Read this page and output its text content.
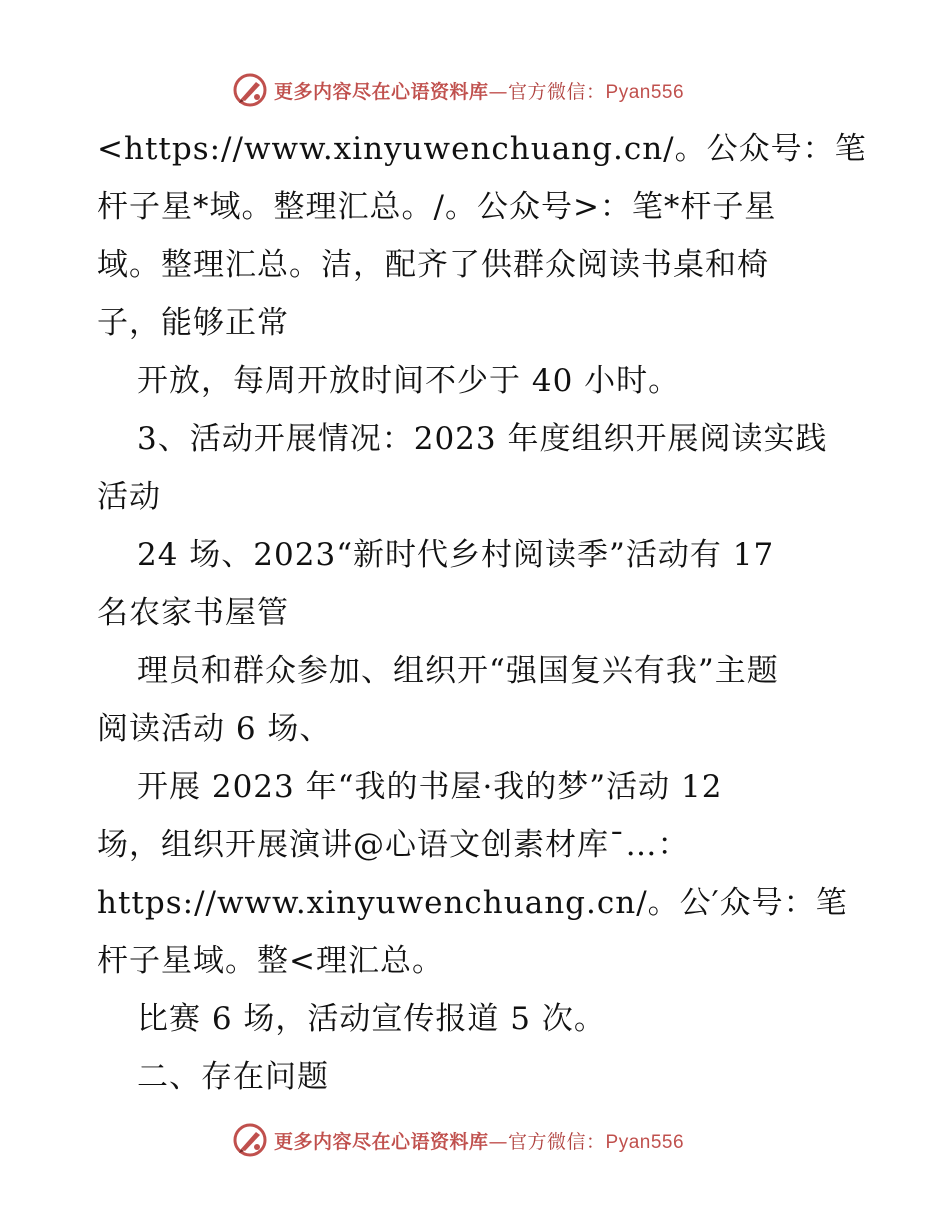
更多内容尽在心语资料库—官方微信：Pyan556
<https://www.xinyuwenchuang.cn/。公众号：笔
杆子星*域。整理汇总。/。公众号>：笔*杆子星
域。整理汇总。洁，配齐了供群众阅读书桌和椅
子，能够正常
开放，每周开放时间不少于 40 小时。
3、活动开展情况：2023 年度组织开展阅读实践
活动
24 场、2023“新时代乡村阅读季”活动有 17
名农家书屋管
理员和群众参加、组织开“强国复兴有我”主题
阅读活动 6 场、
开展 2023 年“我的书屋·我的梦”活动 12
场，组织开展演讲@心语文创素材库¯…：
https://www.xinyuwenchuang.cn/。公′众号：笔
杆子星域。整<理汇总。
比赛 6 场，活动宣传报道 5 次。
二、存在问题
更多内容尽在心语资料库—官方微信：Pyan556
